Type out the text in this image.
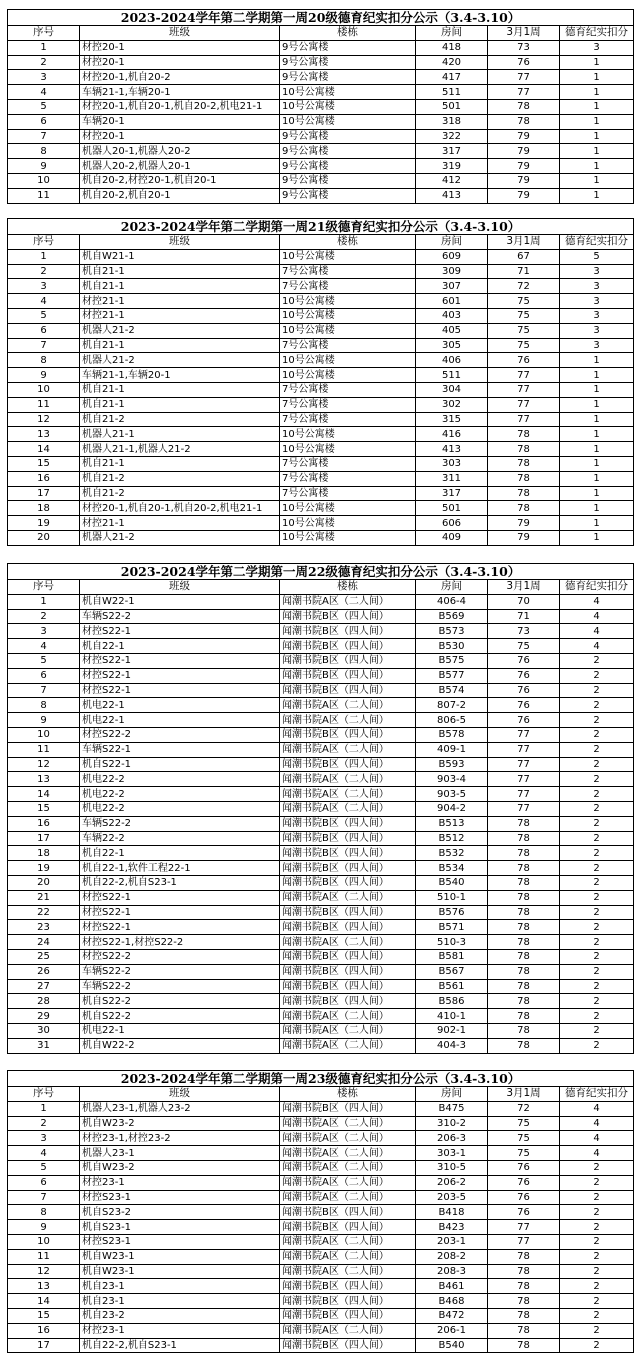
2023-2024学年第二学期第一周20级德育纪实扣分公示（3.4-3.10）					
序号	班级	楼栋	房间	3月1周	德育纪实扣分
1	材控20-1	9号公寓楼	418	73	3
2	材控20-1	9号公寓楼	420	76	1
3	材控20-1,机自20-2	9号公寓楼	417	77	1
4	车辆21-1,车辆20-1	10号公寓楼	511	77	1
5	材控20-1,机自20-1,机自20-2,机电21-1	10号公寓楼	501	78	1
6	车辆20-1	10号公寓楼	318	78	1
7	材控20-1	9号公寓楼	322	79	1
8	机器人20-1,机器人20-2	9号公寓楼	317	79	1
9	机器人20-2,机器人20-1	9号公寓楼	319	79	1
10	机自20-2,材控20-1,机自20-1	9号公寓楼	412	79	1
11	机自20-2,机自20-1	9号公寓楼	413	79	1
2023-2024学年第二学期第一周21级德育纪实扣分公示（3.4-3.10）					
序号	班级	楼栋	房间	3月1周	德育纪实扣分
1	机自W21-1	10号公寓楼	609	67	5
2	机自21-1	7号公寓楼	309	71	3
3	机自21-1	7号公寓楼	307	72	3
4	材控21-1	10号公寓楼	601	75	3
5	材控21-1	10号公寓楼	403	75	3
6	机器人21-2	10号公寓楼	405	75	3
7	机自21-1	7号公寓楼	305	75	3
8	机器人21-2	10号公寓楼	406	76	1
9	车辆21-1,车辆20-1	10号公寓楼	511	77	1
10	机自21-1	7号公寓楼	304	77	1
11	机自21-1	7号公寓楼	302	77	1
12	机自21-2	7号公寓楼	315	77	1
13	机器人21-1	10号公寓楼	416	78	1
14	机器人21-1,机器人21-2	10号公寓楼	413	78	1
15	机自21-1	7号公寓楼	303	78	1
16	机自21-2	7号公寓楼	311	78	1
17	机自21-2	7号公寓楼	317	78	1
18	材控20-1,机自20-1,机自20-2,机电21-1	10号公寓楼	501	78	1
19	材控21-1	10号公寓楼	606	79	1
20	机器人21-2	10号公寓楼	409	79	1
2023-2024学年第二学期第一周22级德育纪实扣分公示（3.4-3.10）					
序号	班级	楼栋	房间	3月1周	德育纪实扣分
1	机自W22-1	闻潮书院A区（二人间）	406-4	70	4
2	车辆S22-2	闻潮书院B区（四人间）	B569	71	4
3	材控S22-1	闻潮书院B区（四人间）	B573	73	4
4	机自22-1	闻潮书院B区（四人间）	B530	75	4
5	材控S22-1	闻潮书院B区（四人间）	B575	76	2
6	材控S22-1	闻潮书院B区（四人间）	B577	76	2
7	材控S22-1	闻潮书院B区（四人间）	B574	76	2
8	机电22-1	闻潮书院A区（二人间）	807-2	76	2
9	机电22-1	闻潮书院A区（二人间）	806-5	76	2
10	材控S22-2	闻潮书院B区（四人间）	B578	77	2
11	车辆S22-1	闻潮书院A区（二人间）	409-1	77	2
12	机自S22-1	闻潮书院B区（四人间）	B593	77	2
13	机电22-2	闻潮书院A区（二人间）	903-4	77	2
14	机电22-2	闻潮书院A区（二人间）	903-5	77	2
15	机电22-2	闻潮书院A区（二人间）	904-2	77	2
16	车辆S22-2	闻潮书院B区（四人间）	B513	78	2
17	车辆22-2	闻潮书院B区（四人间）	B512	78	2
18	机自22-1	闻潮书院B区（四人间）	B532	78	2
19	机自22-1,软件工程22-1	闻潮书院B区（四人间）	B534	78	2
20	机自22-2,机自S23-1	闻潮书院B区（四人间）	B540	78	2
21	材控S22-1	闻潮书院A区（二人间）	510-1	78	2
22	材控S22-1	闻潮书院B区（四人间）	B576	78	2
23	材控S22-1	闻潮书院B区（四人间）	B571	78	2
24	材控S22-1,材控S22-2	闻潮书院A区（二人间）	510-3	78	2
25	材控S22-2	闻潮书院B区（四人间）	B581	78	2
26	车辆S22-2	闻潮书院B区（四人间）	B567	78	2
27	车辆S22-2	闻潮书院B区（四人间）	B561	78	2
28	机自S22-2	闻潮书院B区（四人间）	B586	78	2
29	机自S22-2	闻潮书院A区（二人间）	410-1	78	2
30	机电22-1	闻潮书院A区（二人间）	902-1	78	2
31	机自W22-2	闻潮书院A区（二人间）	404-3	78	2
2023-2024学年第二学期第一周23级德育纪实扣分公示（3.4-3.10）					
序号	班级	楼栋	房间	3月1周	德育纪实扣分
1	机器人23-1,机器人23-2	闻潮书院B区（四人间）	B475	72	4
2	机自W23-2	闻潮书院A区（二人间）	310-2	75	4
3	材控23-1,材控23-2	闻潮书院A区（二人间）	206-3	75	4
4	机器人23-1	闻潮书院A区（二人间）	303-1	75	4
5	机自W23-2	闻潮书院A区（二人间）	310-5	76	2
6	材控23-1	闻潮书院A区（二人间）	206-2	76	2
7	材控S23-1	闻潮书院A区（二人间）	203-5	76	2
8	机自S23-2	闻潮书院B区（四人间）	B418	76	2
9	机自S23-1	闻潮书院B区（四人间）	B423	77	2
10	材控S23-1	闻潮书院A区（二人间）	203-1	77	2
11	机自W23-1	闻潮书院A区（二人间）	208-2	78	2
12	机自W23-1	闻潮书院A区（二人间）	208-3	78	2
13	机自23-1	闻潮书院B区（四人间）	B461	78	2
14	机自23-1	闻潮书院B区（四人间）	B468	78	2
15	机自23-2	闻潮书院B区（四人间）	B472	78	2
16	材控23-1	闻潮书院A区（二人间）	206-1	78	2
17	机自22-2,机自S23-1	闻潮书院B区（四人间）	B540	78	2
